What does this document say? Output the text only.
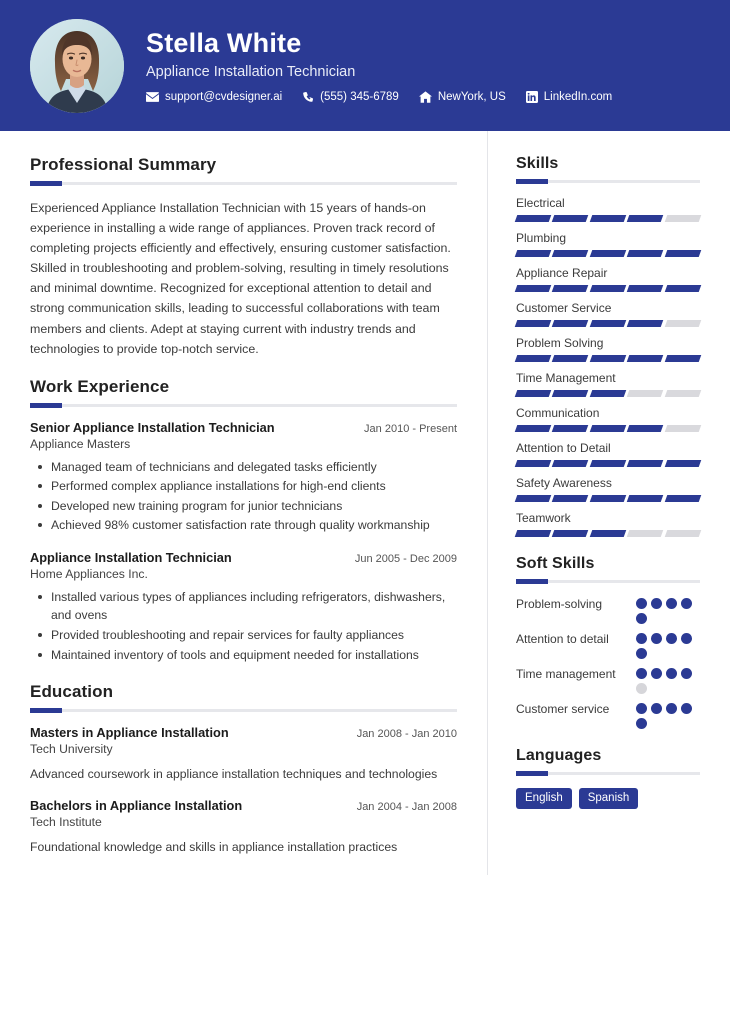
Stella White
Appliance Installation Technician
support@cvdesigner.ai	(555) 345-6789	NewYork, US	LinkedIn.com
Professional Summary
Experienced Appliance Installation Technician with 15 years of hands-on experience in installing a wide range of appliances. Proven track record of completing projects efficiently and effectively, ensuring customer satisfaction. Skilled in troubleshooting and problem-solving, resulting in timely resolutions and minimal downtime. Recognized for exceptional attention to detail and strong communication skills, leading to successful collaborations with team members and clients. Adept at staying current with industry trends and technologies to provide top-notch service.
Work Experience
Senior Appliance Installation Technician	Jan 2010 - Present
Appliance Masters
Managed team of technicians and delegated tasks efficiently
Performed complex appliance installations for high-end clients
Developed new training program for junior technicians
Achieved 98% customer satisfaction rate through quality workmanship
Appliance Installation Technician	Jun 2005 - Dec 2009
Home Appliances Inc.
Installed various types of appliances including refrigerators, dishwashers, and ovens
Provided troubleshooting and repair services for faulty appliances
Maintained inventory of tools and equipment needed for installations
Education
Masters in Appliance Installation	Jan 2008 - Jan 2010
Tech University
Advanced coursework in appliance installation techniques and technologies
Bachelors in Appliance Installation	Jan 2004 - Jan 2008
Tech Institute
Foundational knowledge and skills in appliance installation practices
Skills
Electrical
Plumbing
Appliance Repair
Customer Service
Problem Solving
Time Management
Communication
Attention to Detail
Safety Awareness
Teamwork
Soft Skills
Problem-solving
Attention to detail
Time management
Customer service
Languages
English	Spanish
